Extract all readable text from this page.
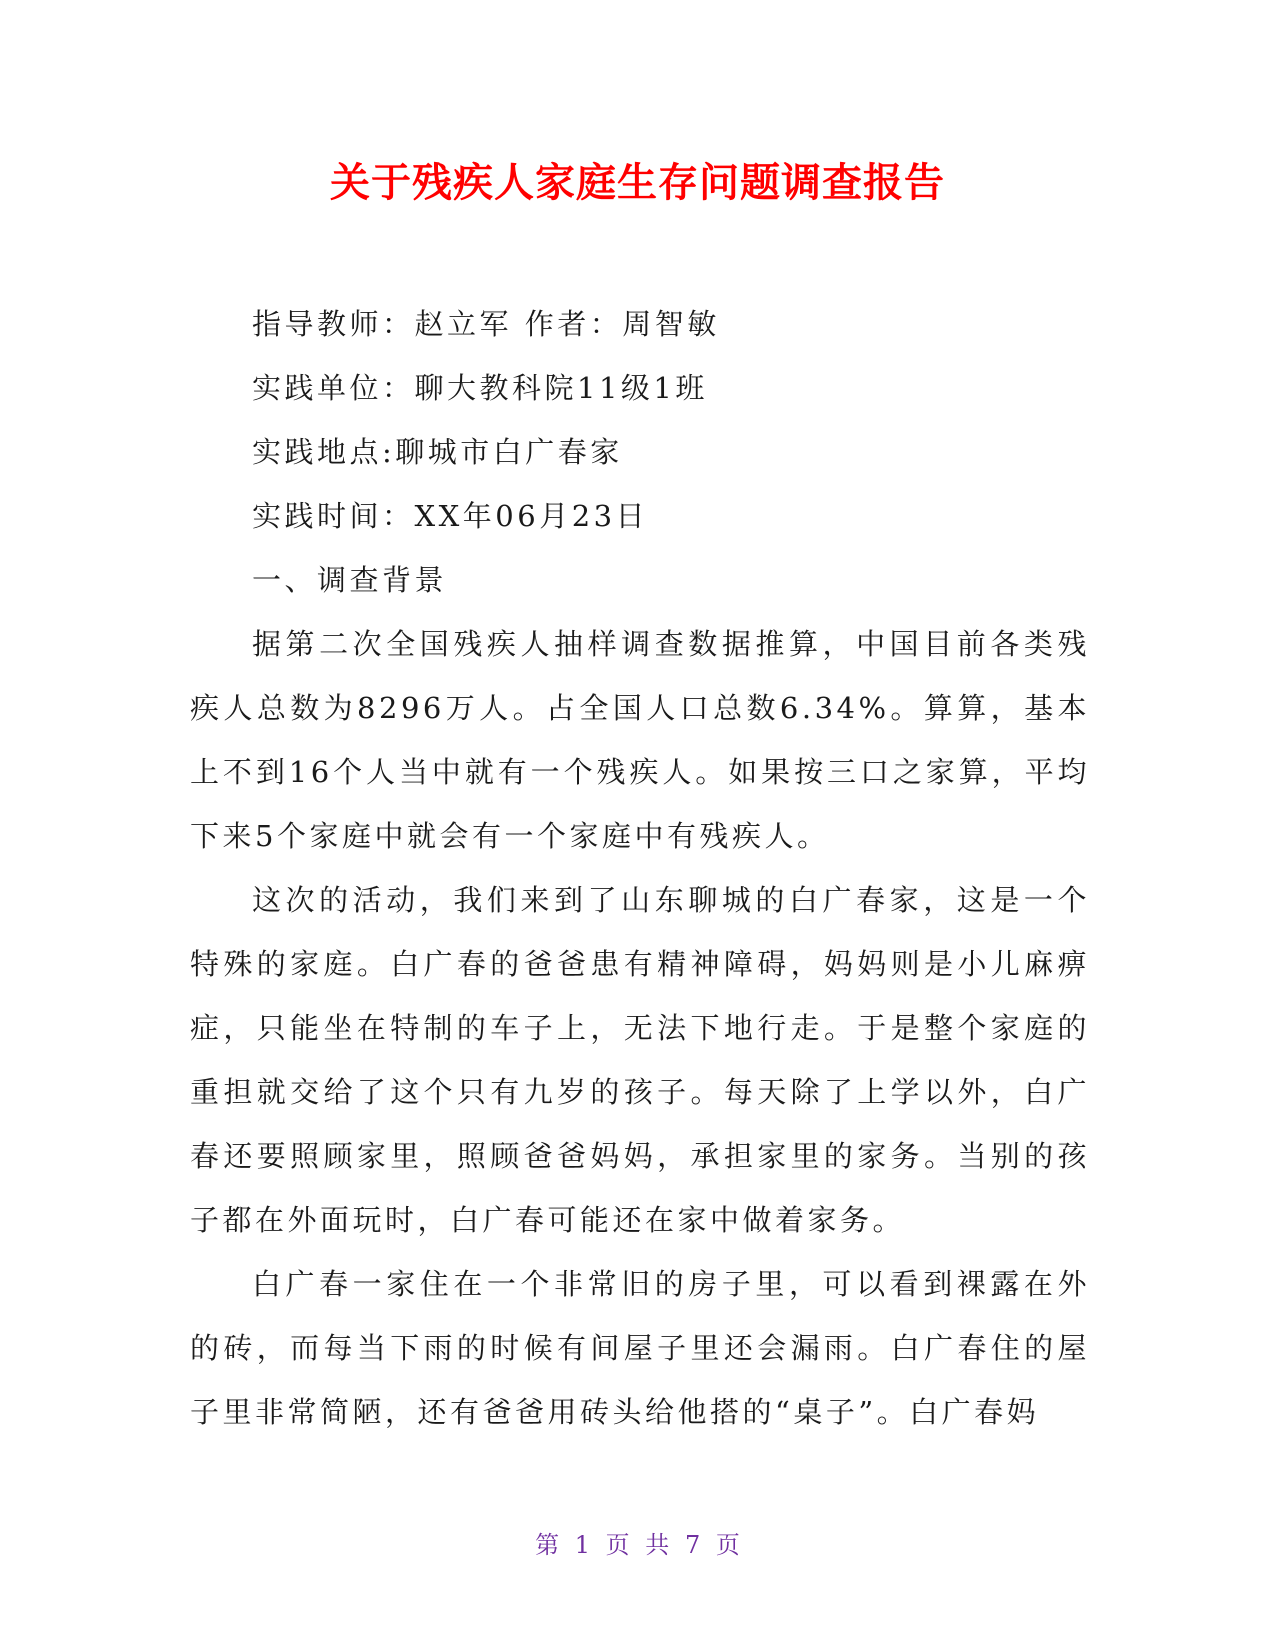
关于残疾人家庭生存问题调查报告

指导教师：赵立军 作者：周智敏

实践单位：聊大教科院11级1班

实践地点:聊城市白广春家

实践时间：XX年06月23日

一、调查背景

据第二次全国残疾人抽样调查数据推算，中国目前各类残疾人总数为8296万人。占全国人口总数6.34%。算算，基本上不到16个人当中就有一个残疾人。如果按三口之家算，平均下来5个家庭中就会有一个家庭中有残疾人。

这次的活动，我们来到了山东聊城的白广春家，这是一个特殊的家庭。白广春的爸爸患有精神障碍，妈妈则是小儿麻痹症，只能坐在特制的车子上，无法下地行走。于是整个家庭的重担就交给了这个只有九岁的孩子。每天除了上学以外，白广春还要照顾家里，照顾爸爸妈妈，承担家里的家务。当别的孩子都在外面玩时，白广春可能还在家中做着家务。

白广春一家住在一个非常旧的房子里，可以看到裸露在外的砖，而每当下雨的时候有间屋子里还会漏雨。白广春住的屋子里非常简陋，还有爸爸用砖头给他搭的“桌子”。白广春妈

第 1 页 共 7 页
